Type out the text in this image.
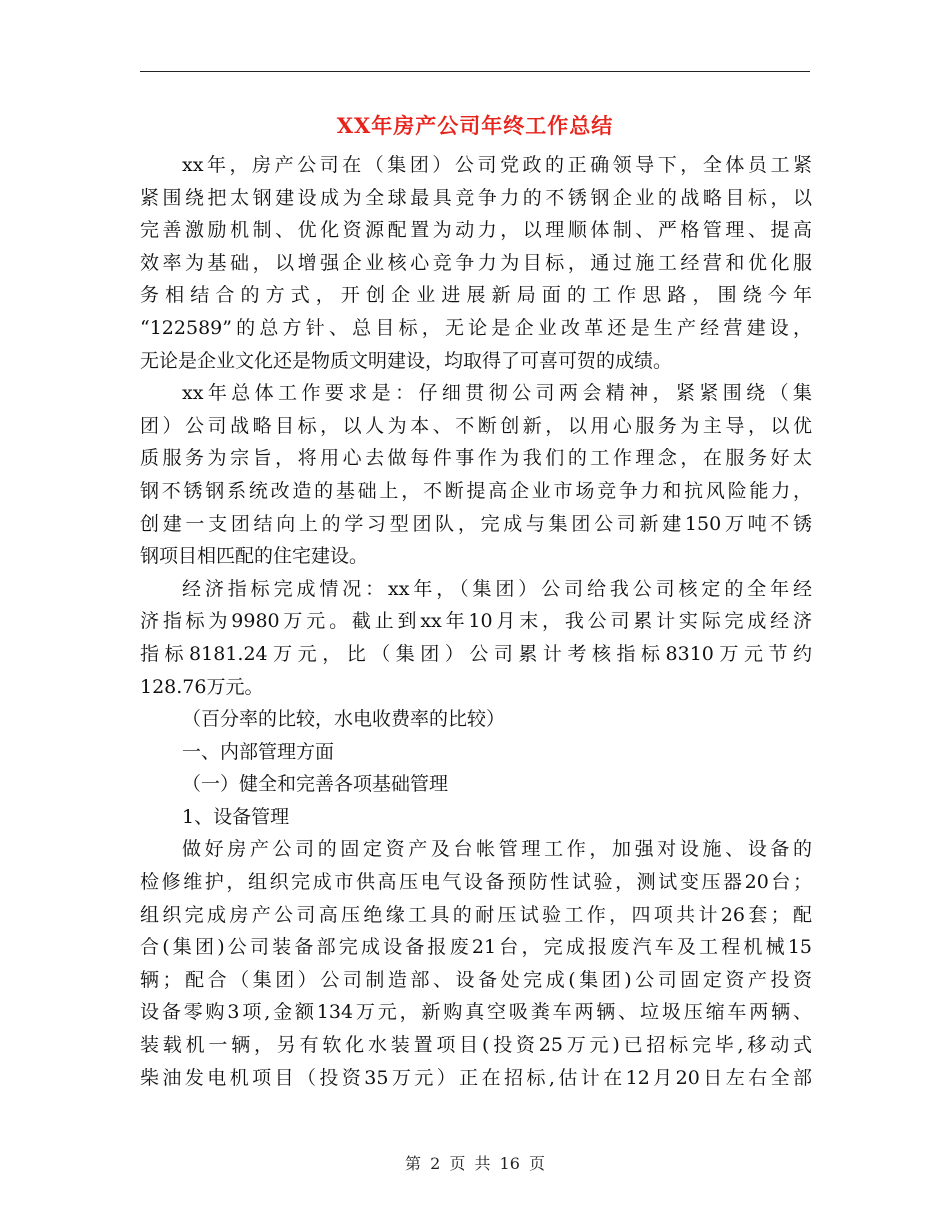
XX年房产公司年终工作总结

xx年，房产公司在（集团）公司党政的正确领导下，全体员工紧
紧围绕把太钢建设成为全球最具竞争力的不锈钢企业的战略目标，以
完善激励机制、优化资源配置为动力，以理顺体制、严格管理、提高
效率为基础，以增强企业核心竞争力为目标，通过施工经营和优化服
务相结合的方式，开创企业进展新局面的工作思路，围绕今年
“122589”的总方针、总目标，无论是企业改革还是生产经营建设，
无论是企业文化还是物质文明建设，均取得了可喜可贺的成绩。

xx年总体工作要求是：仔细贯彻公司两会精神，紧紧围绕（集
团）公司战略目标，以人为本、不断创新，以用心服务为主导，以优
质服务为宗旨，将用心去做每件事作为我们的工作理念，在服务好太
钢不锈钢系统改造的基础上，不断提高企业市场竞争力和抗风险能力，
创建一支团结向上的学习型团队，完成与集团公司新建150万吨不锈
钢项目相匹配的住宅建设。

经济指标完成情况：xx年，（集团）公司给我公司核定的全年经
济指标为9980万元。截止到xx年10月末，我公司累计实际完成经济
指标8181.24万元，比（集团）公司累计考核指标8310万元节约
128.76万元。

（百分率的比较，水电收费率的比较）

一、内部管理方面

（一）健全和完善各项基础管理

1、设备管理

做好房产公司的固定资产及台帐管理工作，加强对设施、设备的
检修维护，组织完成市供高压电气设备预防性试验，测试变压器20台；
组织完成房产公司高压绝缘工具的耐压试验工作，四项共计26套；配
合(集团)公司装备部完成设备报废21台，完成报废汽车及工程机械15
辆；配合（集团）公司制造部、设备处完成(集团)公司固定资产投资
设备零购3项,金额134万元，新购真空吸粪车两辆、垃圾压缩车两辆、
装载机一辆，另有软化水装置项目(投资25万元)已招标完毕,移动式
柴油发电机项目（投资35万元）正在招标,估计在12月20日左右全部

第 2 页 共 16 页
